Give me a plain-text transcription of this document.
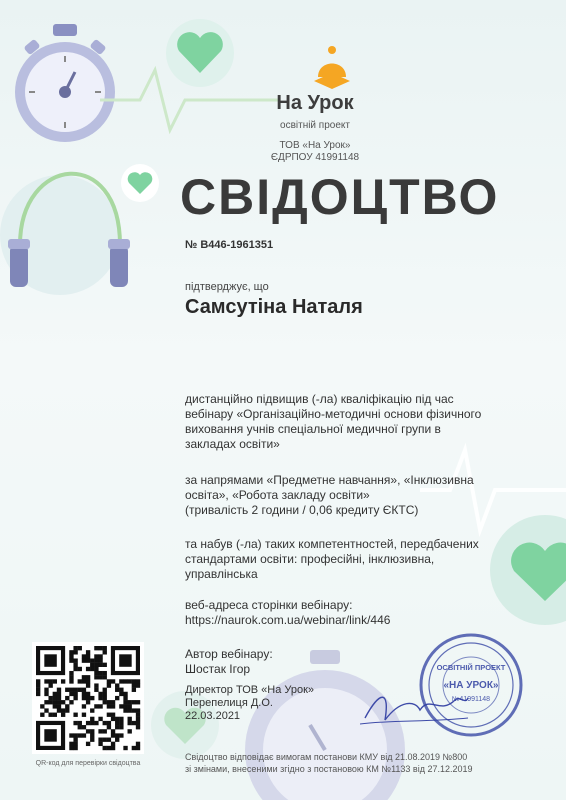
На Урок
освітній проект
ТОВ «На Урок»
ЄДРПОУ 41991148
СВІДОЦТВО
№ В446-1961351
підтверджує, що
Самсутіна Наталя
дистанційно підвищив (-ла) кваліфікацію під час
вебінару «Організаційно-методичні основи фізичного
виховання учнів спеціальної медичної групи в
закладах освіти»
за напрямами «Предметне навчання», «Інклюзивна
освіта», «Робота закладу освіти»
(тривалість 2 години / 0,06 кредиту ЄКТС)
та набув (-ла) таких компетентностей, передбачених
стандартами освіти: професійні, інклюзивна,
управлінська
веб-адреса сторінки вебінару:
https://naurok.com.ua/webinar/link/446
Автор вебінару:
Шостак Ігор
Директор ТОВ «На Урок»
Перепелиця Д.О.
22.03.2021
ОСВІТНІЙ ПРОЕКТ
«НА УРОК»
№41991148
QR-код для перевірки свідоцтва
Свідоцтво відповідає вимогам постанови КМУ від 21.08.2019 №800
зі змінами, внесеними згідно з постановою КМ №1133 від 27.12.2019
